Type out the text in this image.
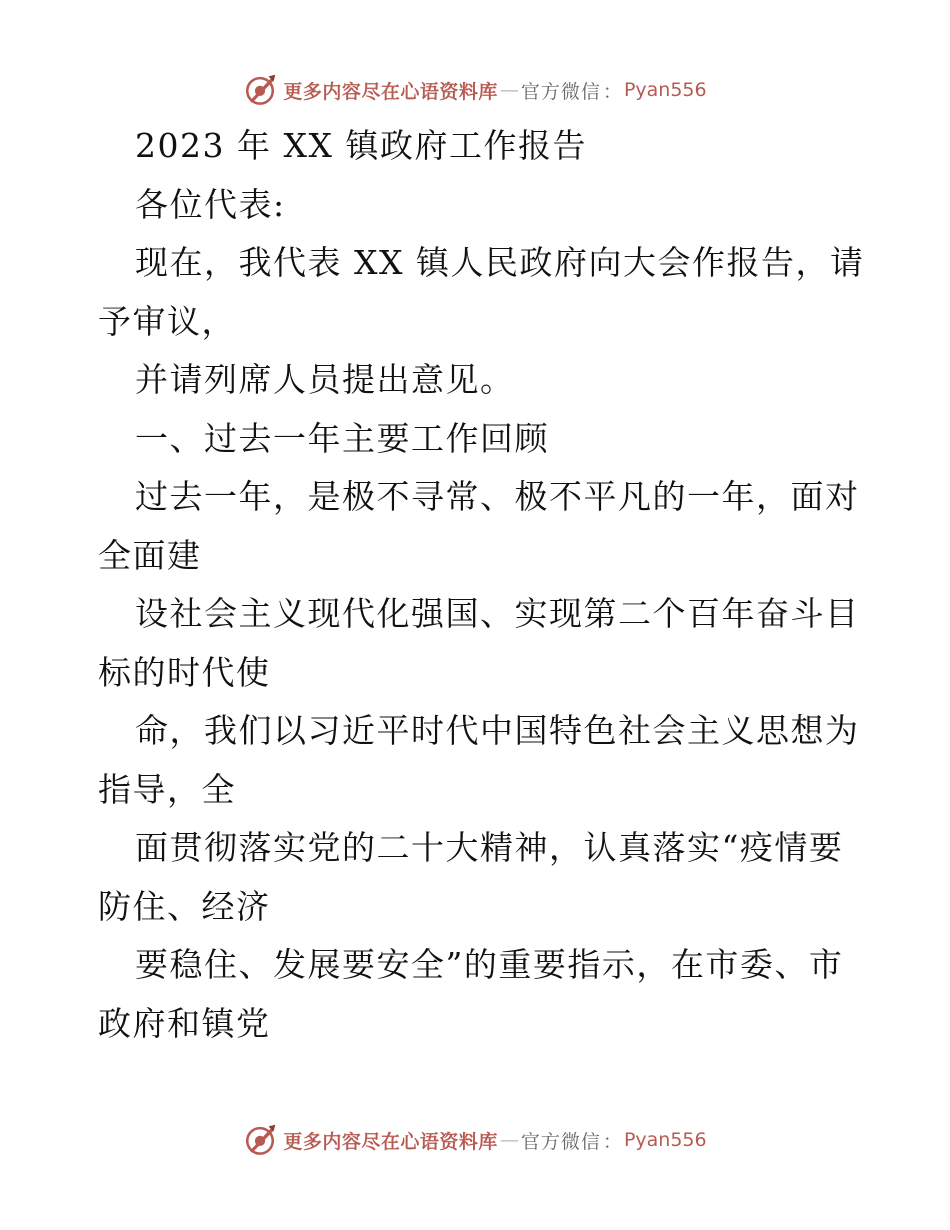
更多内容尽在心语资料库 — 官方微信 ： Pyan556
2023 年 XX 镇政府工作报告
各位代表:
现在，我代表 XX 镇人民政府向大会作报告，请
予审议，
并请列席人员提出意见。
一、过去一年主要工作回顾
过去一年，是极不寻常、极不平凡的一年，面对
全面建
设社会主义现代化强国、实现第二个百年奋斗目
标的时代使
命，我们以习近平时代中国特色社会主义思想为
指导，全
面贯彻落实党的二十大精神，认真落实“疫情要
防住、经济
要稳住、发展要安全”的重要指示，在市委、市
政府和镇党
更多内容尽在心语资料库 — 官方微信 ： Pyan556
